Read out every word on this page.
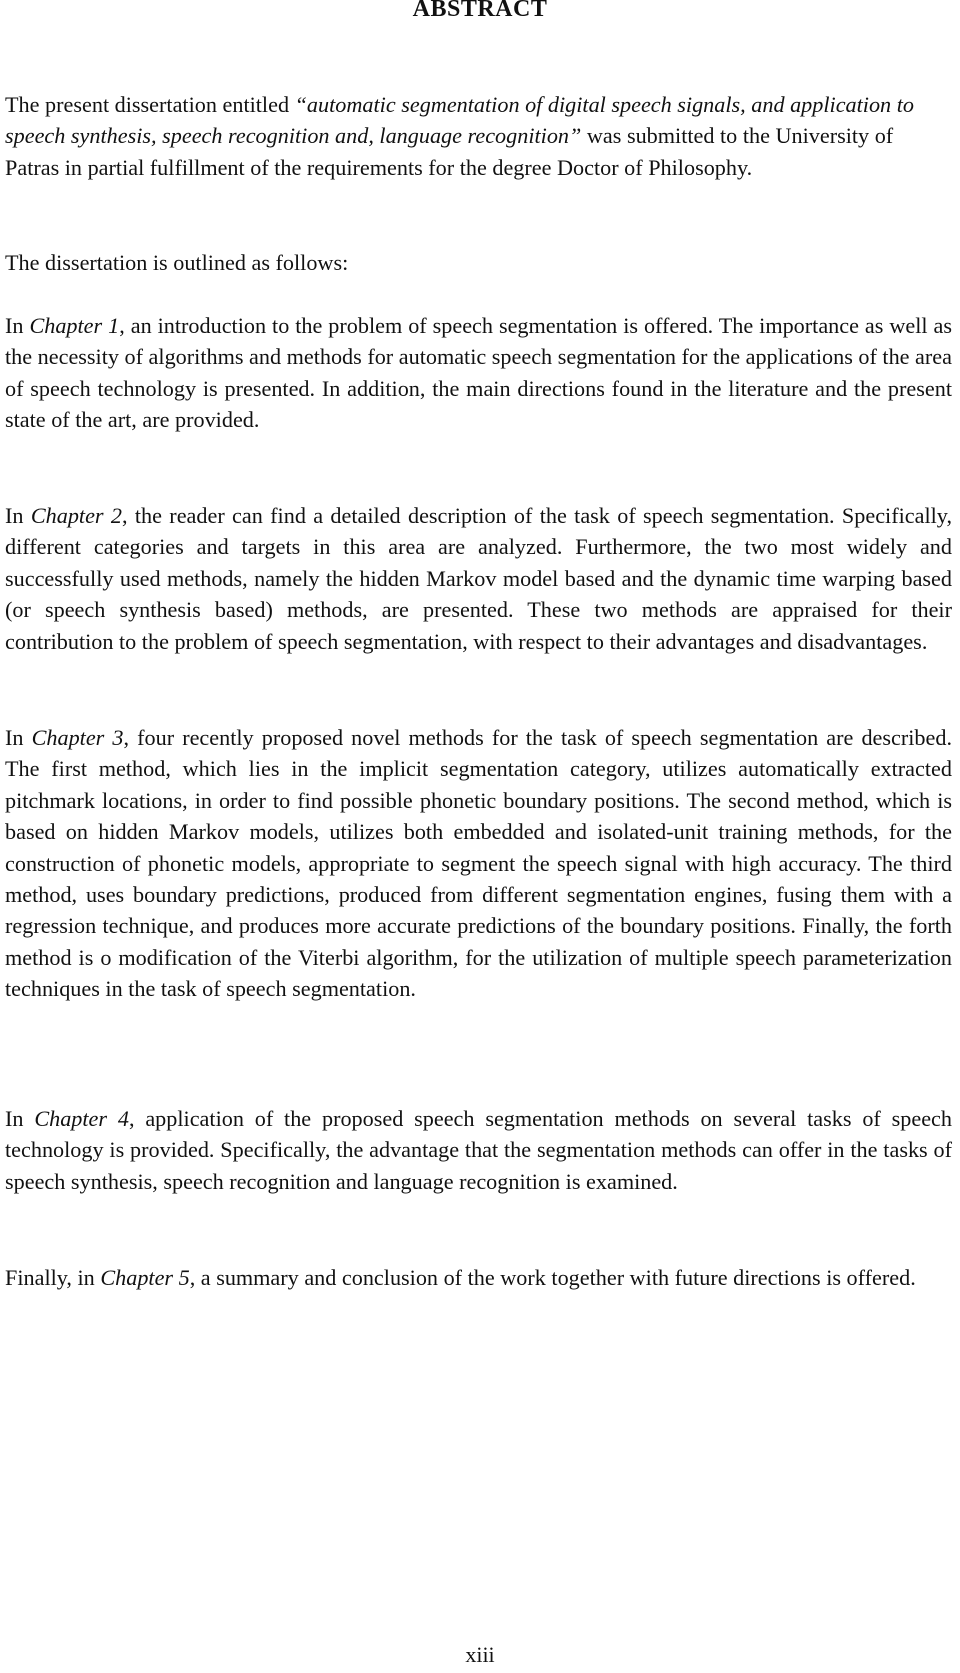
ABSTRACT

The present dissertation entitled “automatic segmentation of digital speech signals, and application to speech synthesis, speech recognition and, language recognition” was submitted to the University of Patras in partial fulfillment of the requirements for the degree Doctor of Philosophy.

The dissertation is outlined as follows:

In Chapter 1, an introduction to the problem of speech segmentation is offered. The importance as well as the necessity of algorithms and methods for automatic speech segmentation for the applications of the area of speech technology is presented. In addition, the main directions found in the literature and the present state of the art, are provided.

In Chapter 2, the reader can find a detailed description of the task of speech segmentation. Specifically, different categories and targets in this area are analyzed. Furthermore, the two most widely and successfully used methods, namely the hidden Markov model based and the dynamic time warping based (or speech synthesis based) methods, are presented. These two methods are appraised for their contribution to the problem of speech segmentation, with respect to their advantages and disadvantages.

In Chapter 3, four recently proposed novel methods for the task of speech segmentation are described. The first method, which lies in the implicit segmentation category, utilizes automatically extracted pitchmark locations, in order to find possible phonetic boundary positions. The second method, which is based on hidden Markov models, utilizes both embedded and isolated-unit training methods, for the construction of phonetic models, appropriate to segment the speech signal with high accuracy. The third method, uses boundary predictions, produced from different segmentation engines, fusing them with a regression technique, and produces more accurate predictions of the boundary positions. Finally, the forth method is o modification of the Viterbi algorithm, for the utilization of multiple speech parameterization techniques in the task of speech segmentation.

In Chapter 4, application of the proposed speech segmentation methods on several tasks of speech technology is provided. Specifically, the advantage that the segmentation methods can offer in the tasks of speech synthesis, speech recognition and language recognition is examined.

Finally, in Chapter 5, a summary and conclusion of the work together with future directions is offered.

xiii
